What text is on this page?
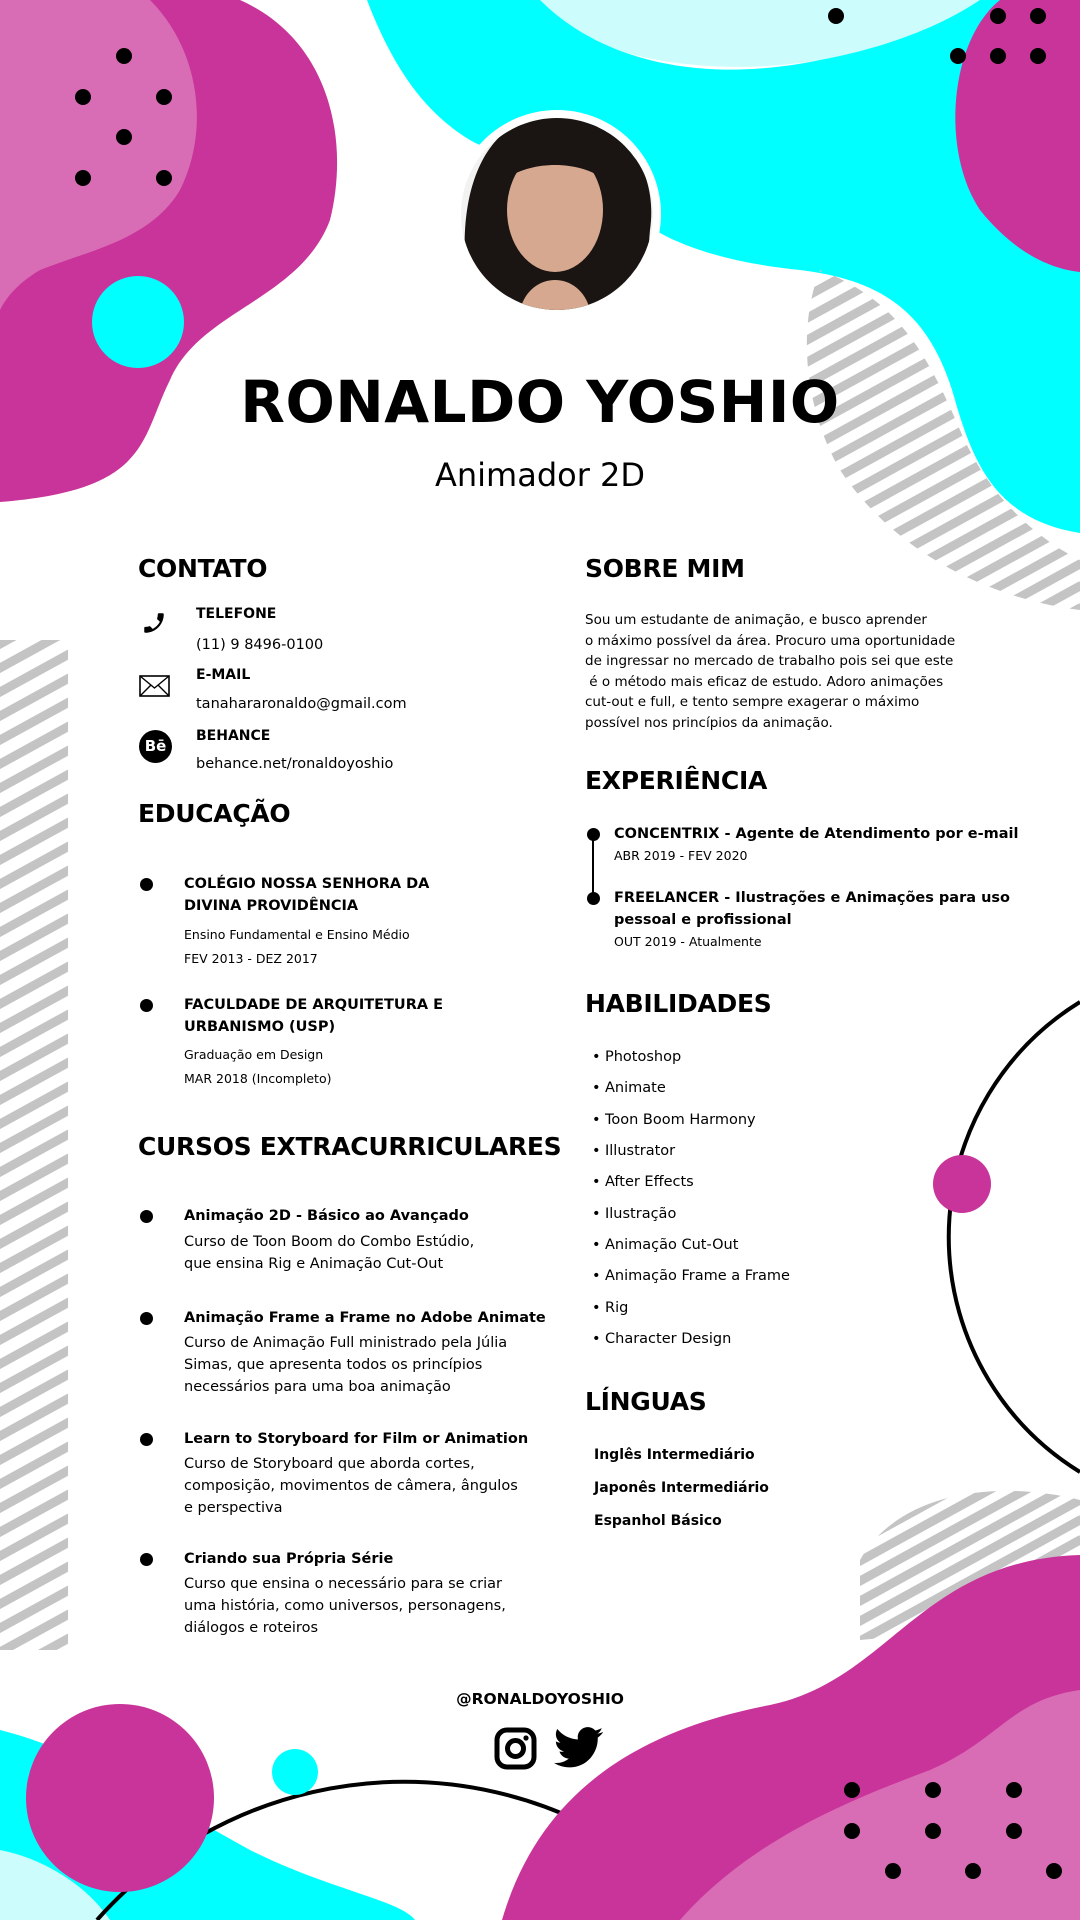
RONALDO YOSHIO
Animador 2D
CONTATO
Bē
TELEFONE
(11) 9 8496-0100
E-MAIL
tanahararonaldo@gmail.com
BEHANCE
behance.net/ronaldoyoshio
EDUCAÇÃO
COLÉGIO NOSSA SENHORA DA
DIVINA PROVIDÊNCIA
Ensino Fundamental e Ensino Médio
FEV 2013 - DEZ 2017
FACULDADE DE ARQUITETURA E
URBANISMO (USP)
Graduação em Design
MAR 2018 (Incompleto)
CURSOS EXTRACURRICULARES
Animação 2D - Básico ao Avançado
Curso de Toon Boom do Combo Estúdio,
que ensina Rig e Animação Cut-Out
Animação Frame a Frame no Adobe Animate
Curso de Animação Full ministrado pela Júlia
Simas, que apresenta todos os princípios
necessários para uma boa animação
Learn to Storyboard for Film or Animation
Curso de Storyboard que aborda cortes,
composição, movimentos de câmera, ângulos
e perspectiva
Criando sua Própria Série
Curso que ensina o necessário para se criar
uma história, como universos, personagens,
diálogos e roteiros
SOBRE MIM
Sou um estudante de animação, e busco aprender
o máximo possível da área. Procuro uma oportunidade
de ingressar no mercado de trabalho pois sei que este
é o método mais eficaz de estudo. Adoro animações
cut-out e full, e tento sempre exagerar o máximo
possível nos princípios da animação.
EXPERIÊNCIA
CONCENTRIX - Agente de Atendimento por e-mail
ABR 2019 - FEV 2020
FREELANCER - Ilustrações e Animações para uso
pessoal e profissional
OUT 2019 - Atualmente
HABILIDADES
• Photoshop
• Animate
• Toon Boom Harmony
• Illustrator
• After Effects
• Ilustração
• Animação Cut-Out
• Animação Frame a Frame
• Rig
• Character Design
LÍNGUAS
Inglês Intermediário
Japonês Intermediário
Espanhol Básico
@RONALDOYOSHIO
